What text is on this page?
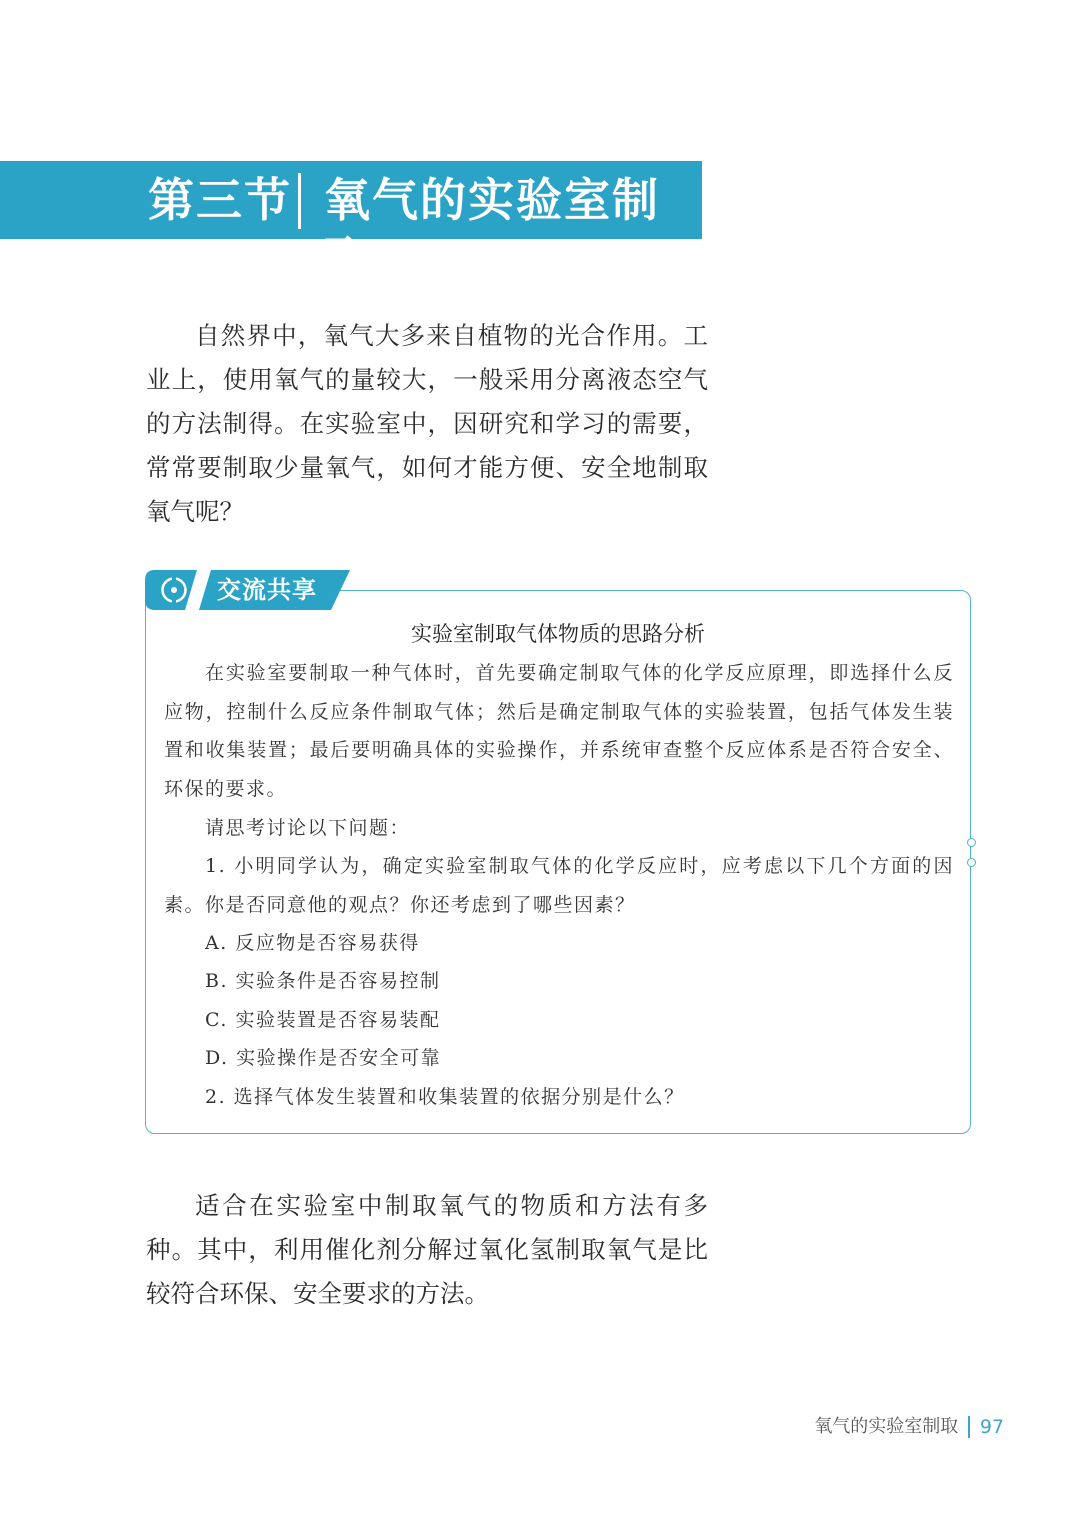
第三节 氧气的实验室制取

自然界中，氧气大多来自植物的光合作用。工业上，使用氧气的量较大，一般采用分离液态空气的方法制得。在实验室中，因研究和学习的需要，常常要制取少量氧气，如何才能方便、安全地制取氧气呢？

交流共享
实验室制取气体物质的思路分析

在实验室要制取一种气体时，首先要确定制取气体的化学反应原理，即选择什么反应物，控制什么反应条件制取气体；然后是确定制取气体的实验装置，包括气体发生装置和收集装置；最后要明确具体的实验操作，并系统审查整个反应体系是否符合安全、环保的要求。

请思考讨论以下问题：

1. 小明同学认为，确定实验室制取气体的化学反应时，应考虑以下几个方面的因素。你是否同意他的观点？你还考虑到了哪些因素？

A. 反应物是否容易获得

B. 实验条件是否容易控制

C. 实验装置是否容易装配

D. 实验操作是否安全可靠

2. 选择气体发生装置和收集装置的依据分别是什么？

适合在实验室中制取氧气的物质和方法有多种。其中，利用催化剂分解过氧化氢制取氧气是比较符合环保、安全要求的方法。

氧气的实验室制取 97
